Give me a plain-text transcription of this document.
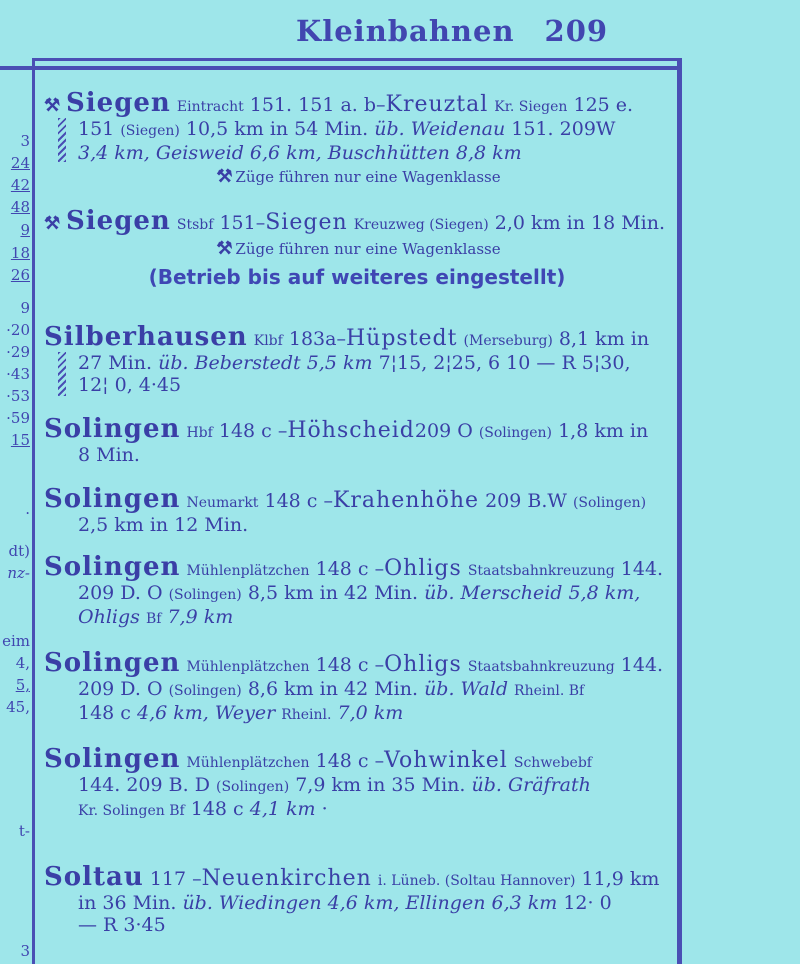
Kleinbahnen 209
3
24
42
48
9
18
26
9
·20
·29
·43
·53
·59
15
.
dt)
nz-
eim
4,
5,
45,
t-
3
⚒ Siegen Eintracht 151. 151 a. b–Kreuztal Kr. Siegen 125 e.
151 (Siegen) 10,5 km in 54 Min. üb. Weidenau 151. 209W
3,4 km, Geisweid 6,6 km, Buschhütten 8,8 km
⚒ Züge führen nur eine Wagenklasse
⚒ Siegen Stsbf 151–Siegen Kreuzweg (Siegen) 2,0 km in 18 Min.
⚒ Züge führen nur eine Wagenklasse
(Betrieb bis auf weiteres eingestellt)
Silberhausen Klbf 183a–Hüpstedt (Merseburg) 8,1 km in
27 Min. üb. Beberstedt 5,5 km 7¦15, 2¦25, 6 10 — R 5¦30,
12¦ 0, 4·45
Solingen Hbf 148 c –Höhscheid209 O (Solingen) 1,8 km in
8 Min.
Solingen Neumarkt 148 c –Krahenhöhe 209 B.W (Solingen)
2,5 km in 12 Min.
Solingen Mühlenplätzchen 148 c –Ohligs Staatsbahnkreuzung 144.
209 D. O (Solingen) 8,5 km in 42 Min. üb. Merscheid 5,8 km,
Ohligs Bf 7,9 km
Solingen Mühlenplätzchen 148 c –Ohligs Staatsbahnkreuzung 144.
209 D. O (Solingen) 8,6 km in 42 Min. üb. Wald Rheinl. Bf
148 c 4,6 km, Weyer Rheinl. 7,0 km
Solingen Mühlenplätzchen 148 c –Vohwinkel Schwebebf
144. 209 B. D (Solingen) 7,9 km in 35 Min. üb. Gräfrath
Kr. Solingen Bf 148 c 4,1 km ·
Soltau 117 –Neuenkirchen i. Lüneb. (Soltau Hannover) 11,9 km
in 36 Min. üb. Wiedingen 4,6 km, Ellingen 6,3 km 12· 0
— R 3·45
